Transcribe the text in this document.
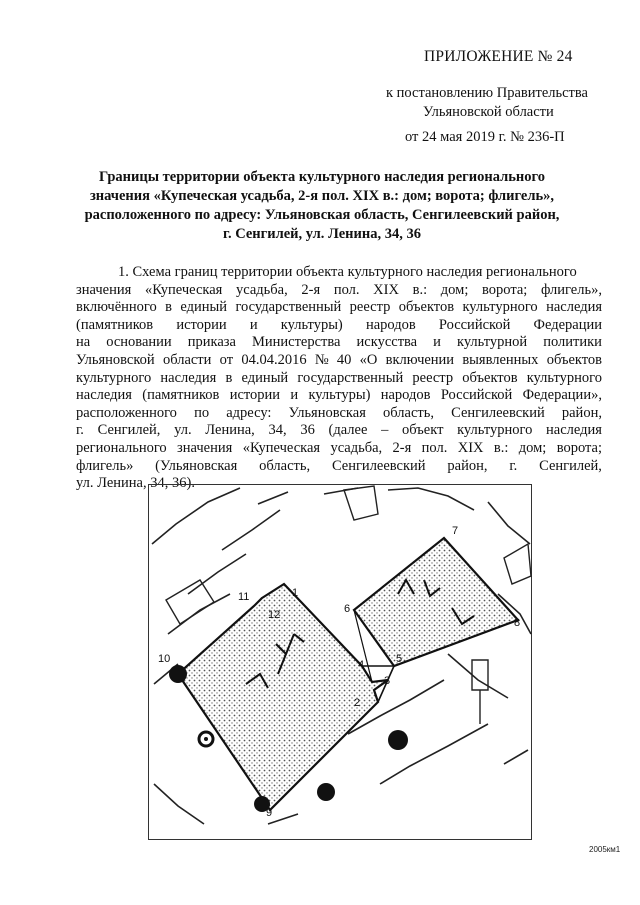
ПРИЛОЖЕНИЕ № 24
к постановлению Правительства
Ульяновской области
от 24 мая 2019 г. № 236-П
Границы территории объекта культурного наследия регионального
значения «Купеческая усадьба, 2-я пол. XIX в.: дом; ворота; флигель»,
расположенного по адресу: Ульяновская область, Сенгилеевский район,
г. Сенгилей, ул. Ленина, 34, 36
1. Схема границ территории объекта культурного наследия регионального
значения «Купеческая усадьба, 2-я пол. XIX в.: дом; ворота; флигель»,
включённого в единый государственный реестр объектов культурного наследия
(памятников истории и культуры) народов Российской Федерации
на основании приказа Министерства искусства и культурной политики
Ульяновской области от 04.04.2016 № 40 «О включении выявленных объектов
культурного наследия в единый государственный реестр объектов культурного
наследия (памятников истории и культуры) народов Российской Федерации»,
расположенного по адресу: Ульяновская область, Сенгилеевский район,
г. Сенгилей, ул. Ленина, 34, 36 (далее – объект культурного наследия
регионального значения «Купеческая усадьба, 2-я пол. XIX в.: дом; ворота;
флигель» (Ульяновская область, Сенгилеевский район, г. Сенгилей,
ул. Ленина, 34, 36).
1
2
3
4	5
6
7
8
9
10
11
12
2005км1
